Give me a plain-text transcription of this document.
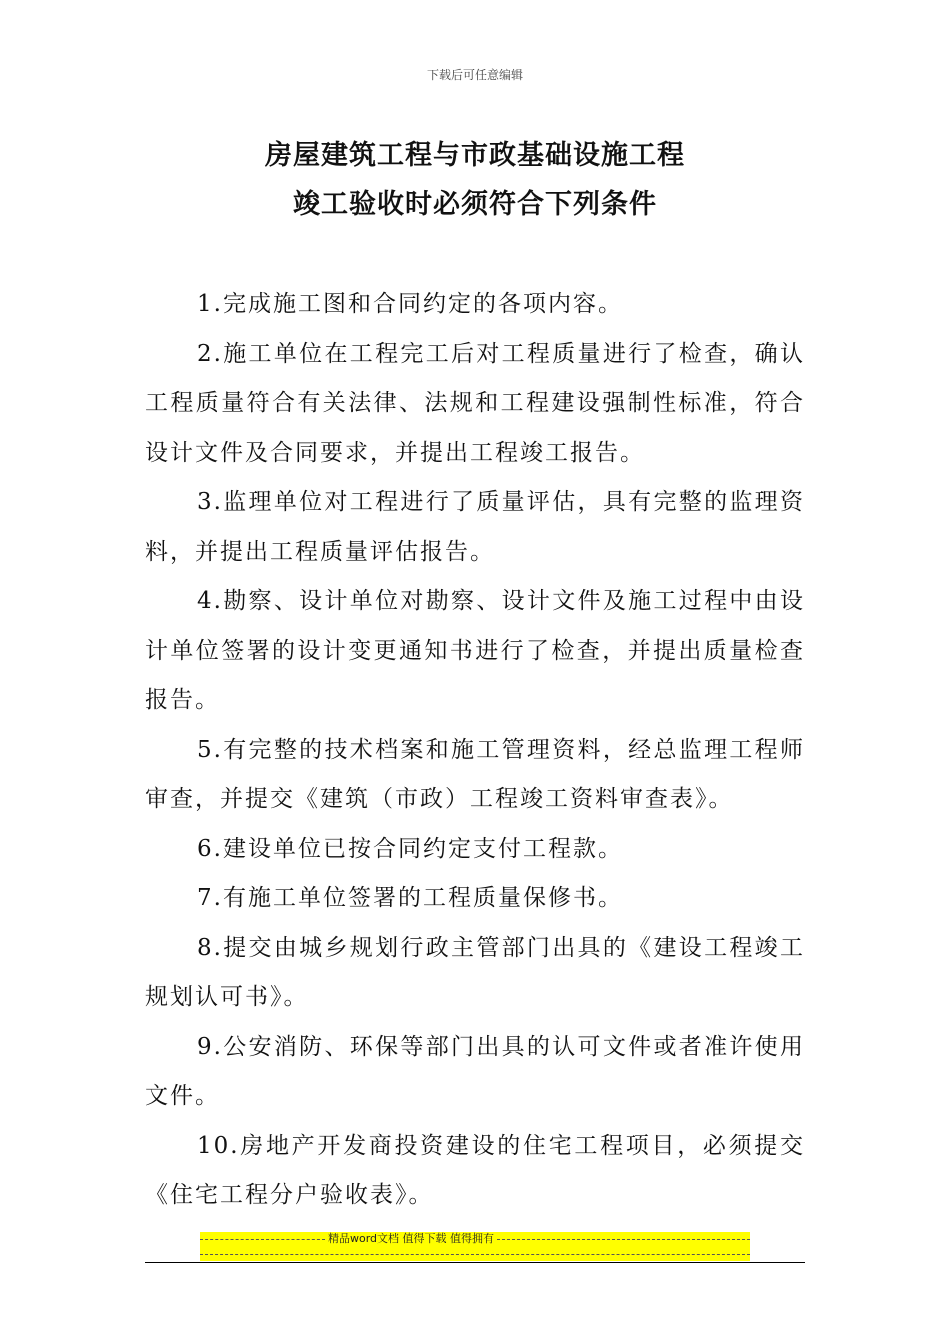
下载后可任意编辑
房屋建筑工程与市政基础设施工程
竣工验收时必须符合下列条件

1.完成施工图和合同约定的各项内容。

2.施工单位在工程完工后对工程质量进行了检查，确认工程质量符合有关法律、法规和工程建设强制性标准，符合设计文件及合同要求，并提出工程竣工报告。

3.监理单位对工程进行了质量评估，具有完整的监理资料，并提出工程质量评估报告。

4.勘察、设计单位对勘察、设计文件及施工过程中由设计单位签署的设计变更通知书进行了检查，并提出质量检查报告。

5.有完整的技术档案和施工管理资料，经总监理工程师审查，并提交《建筑（市政）工程竣工资料审查表》。

6.建设单位已按合同约定支付工程款。

7.有施工单位签署的工程质量保修书。

8.提交由城乡规划行政主管部门出具的《建设工程竣工规划认可书》。

9.公安消防、环保等部门出具的认可文件或者准许使用文件。

10.房地产开发商投资建设的住宅工程项目，必须提交《住宅工程分户验收表》。

精品word文档 值得下载 值得拥有
